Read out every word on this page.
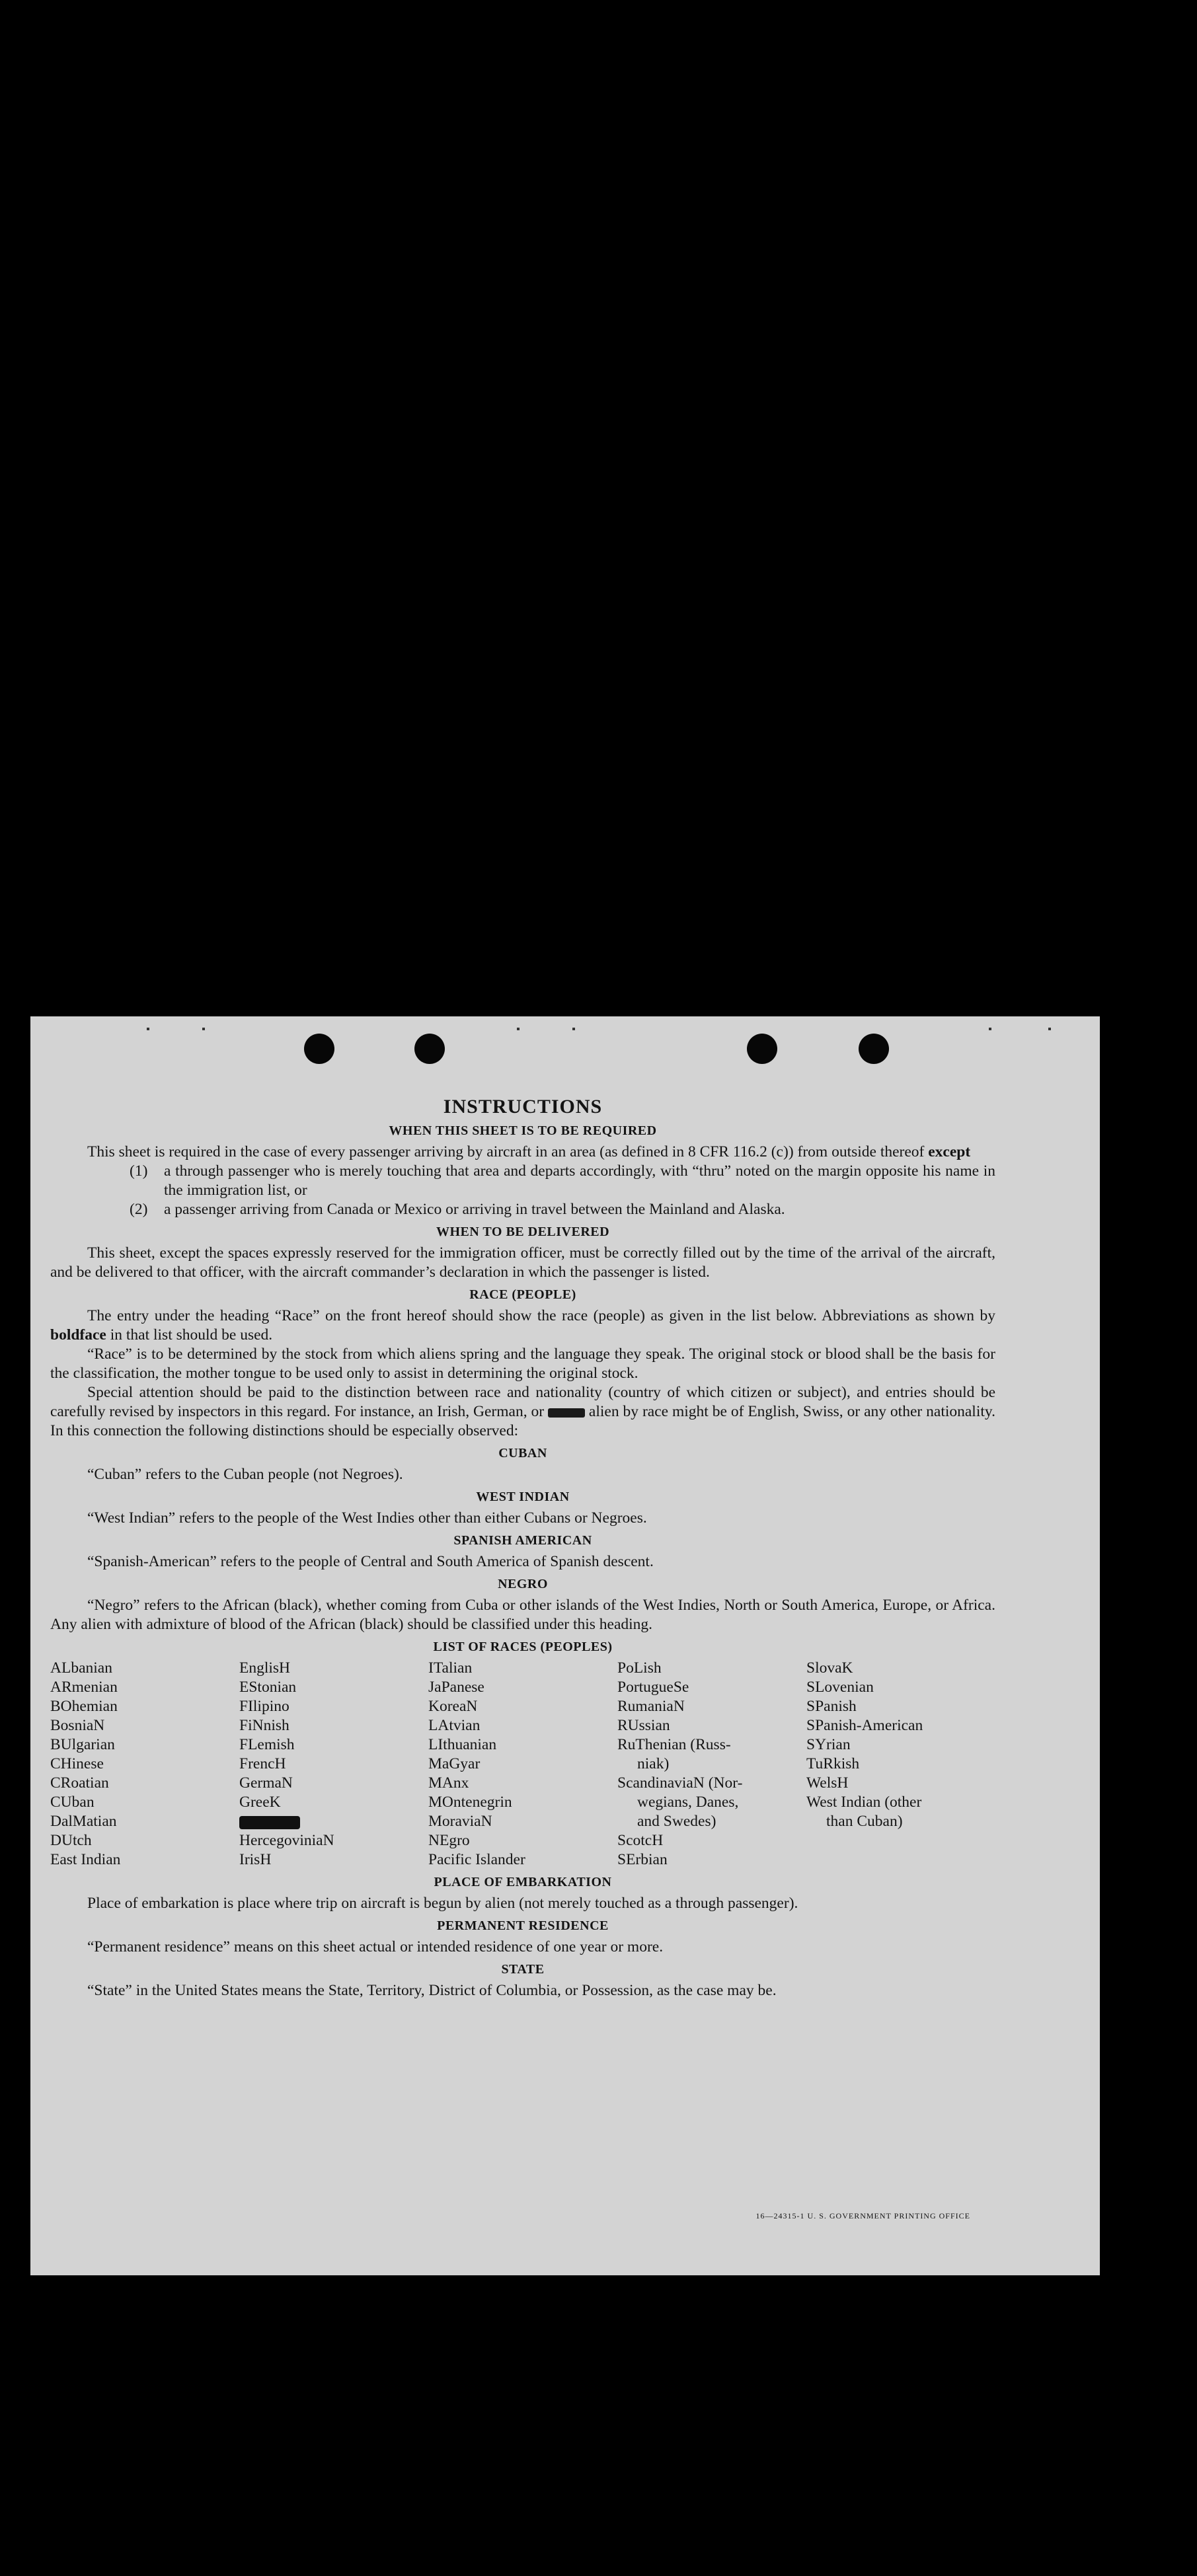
INSTRUCTIONS
WHEN THIS SHEET IS TO BE REQUIRED

This sheet is required in the case of every passenger arriving by aircraft in an area (as defined in 8 CFR 116.2 (c)) from outside thereof except

(1)	a through passenger who is merely touching that area and departs accordingly, with “thru” noted on the margin opposite his name in the immigration list, or
(2)	a passenger arriving from Canada or Mexico or arriving in travel between the Mainland and Alaska.
WHEN TO BE DELIVERED

This sheet, except the spaces expressly reserved for the immigration officer, must be correctly filled out by the time of the arrival of the aircraft, and be delivered to that officer, with the aircraft commander’s declaration in which the passenger is listed.

RACE (PEOPLE)

The entry under the heading “Race” on the front hereof should show the race (people) as given in the list below. Abbreviations as shown by boldface in that list should be used.

“Race” is to be determined by the stock from which aliens spring and the language they speak. The original stock or blood shall be the basis for the classification, the mother tongue to be used only to assist in determining the original stock.

Special attention should be paid to the distinction between race and nationality (country of which citizen or subject), and entries should be carefully revised by inspectors in this regard. For instance, an Irish, German, or  alien by race might be of English, Swiss, or any other nationality. In this connection the following distinctions should be especially observed:

CUBAN

“Cuban” refers to the Cuban people (not Negroes).

WEST INDIAN

“West Indian” refers to the people of the West Indies other than either Cubans or Negroes.

SPANISH AMERICAN

“Spanish-American” refers to the people of Central and South America of Spanish descent.

NEGRO

“Negro” refers to the African (black), whether coming from Cuba or other islands of the West Indies, North or South America, Europe, or Africa. Any alien with admixture of blood of the African (black) should be classified under this heading.

LIST OF RACES (PEOPLES)
ALbanian
ARmenian
BOhemian
BosniaN
BUlgarian
CHinese
CRoatian
CUban
DalMatian
DUtch
East Indian
EnglisH
EStonian
FIlipino
FiNnish
FLemish
FrencH
GermaN
GreeK
HercegoviniaN
IrisH
ITalian
JaPanese
KoreaN
LAtvian
LIthuanian
MaGyar
MAnx
MOntenegrin
MoraviaN
NEgro
Pacific Islander
PoLish
PortugueSe
RumaniaN
RUssian
RuThenian (Russ-
niak)
ScandinaviaN (Nor-
wegians, Danes,
and Swedes)
ScotcH
SErbian
SlovaK
SLovenian
SPanish
SPanish-American
SYrian
TuRkish
WelsH
West Indian (other
than Cuban)
PLACE OF EMBARKATION

Place of embarkation is place where trip on aircraft is begun by alien (not merely touched as a through passenger).

PERMANENT RESIDENCE

“Permanent residence” means on this sheet actual or intended residence of one year or more.

STATE

“State” in the United States means the State, Territory, District of Columbia, or Possession, as the case may be.

16—24315-1 U. S. GOVERNMENT PRINTING OFFICE
